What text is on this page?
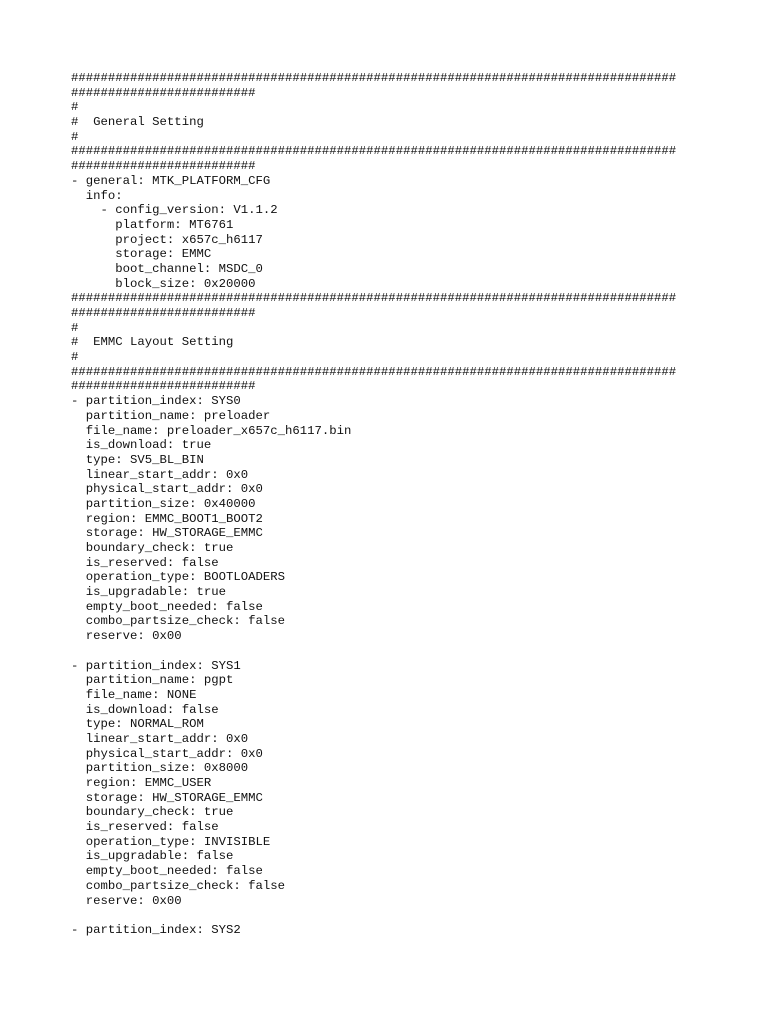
##################################################################################
#########################
#
#  General Setting
#
##################################################################################
#########################
- general: MTK_PLATFORM_CFG
info:
- config_version: V1.1.2
platform: MT6761
project: x657c_h6117
storage: EMMC
boot_channel: MSDC_0
block_size: 0x20000
##################################################################################
#########################
#
#  EMMC Layout Setting
#
##################################################################################
#########################
- partition_index: SYS0
partition_name: preloader
file_name: preloader_x657c_h6117.bin
is_download: true
type: SV5_BL_BIN
linear_start_addr: 0x0
physical_start_addr: 0x0
partition_size: 0x40000
region: EMMC_BOOT1_BOOT2
storage: HW_STORAGE_EMMC
boundary_check: true
is_reserved: false
operation_type: BOOTLOADERS
is_upgradable: true
empty_boot_needed: false
combo_partsize_check: false
reserve: 0x00
- partition_index: SYS1
partition_name: pgpt
file_name: NONE
is_download: false
type: NORMAL_ROM
linear_start_addr: 0x0
physical_start_addr: 0x0
partition_size: 0x8000
region: EMMC_USER
storage: HW_STORAGE_EMMC
boundary_check: true
is_reserved: false
operation_type: INVISIBLE
is_upgradable: false
empty_boot_needed: false
combo_partsize_check: false
reserve: 0x00
- partition_index: SYS2
